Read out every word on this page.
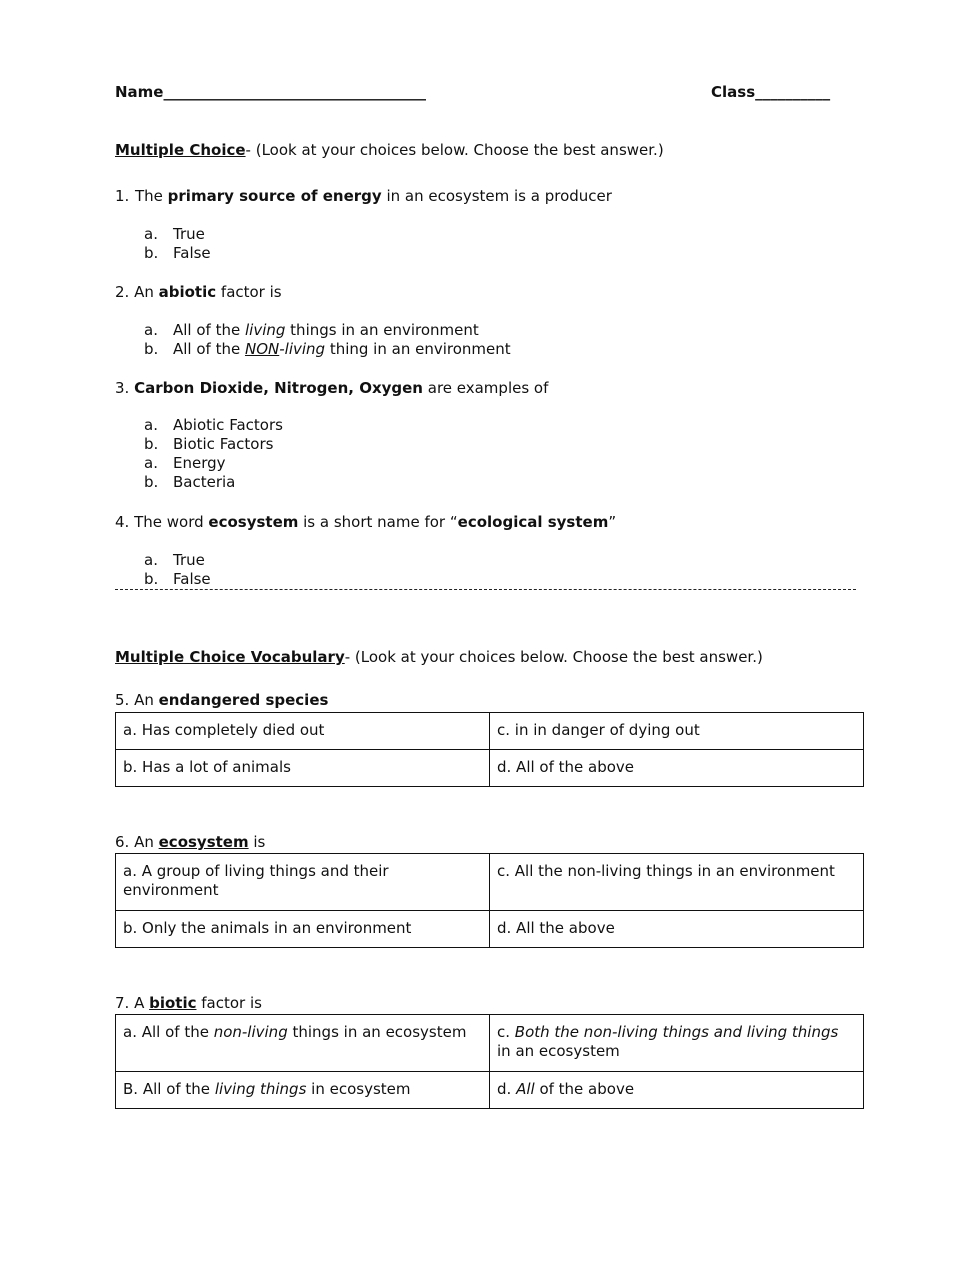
Name___________________________________	Class__________
Multiple Choice- (Look at your choices below. Choose the best answer.)
1. The primary source of energy in an ecosystem is a producer
a. True
b. False
2. An abiotic factor is
a. All of the living things in an environment
b. All of the NON-living thing in an environment
3. Carbon Dioxide, Nitrogen, Oxygen are examples of
a. Abiotic Factors
b. Biotic Factors
a. Energy
b. Bacteria
4. The word ecosystem is a short name for “ecological system”
a. True
b. False
Multiple Choice Vocabulary- (Look at your choices below. Choose the best answer.)
5. An endangered species
a. Has completely died out	c. in in danger of dying out
b. Has a lot of animals	d. All of the above
6. An ecosystem is
a. A group of living things and their environment	c. All the non-living things in an environment
b. Only the animals in an environment	d. All the above
7. A biotic factor is
a. All of the non-living things in an ecosystem	c. Both the non-living things and living things in an ecosystem
B. All of the living things in ecosystem	d. All of the above
